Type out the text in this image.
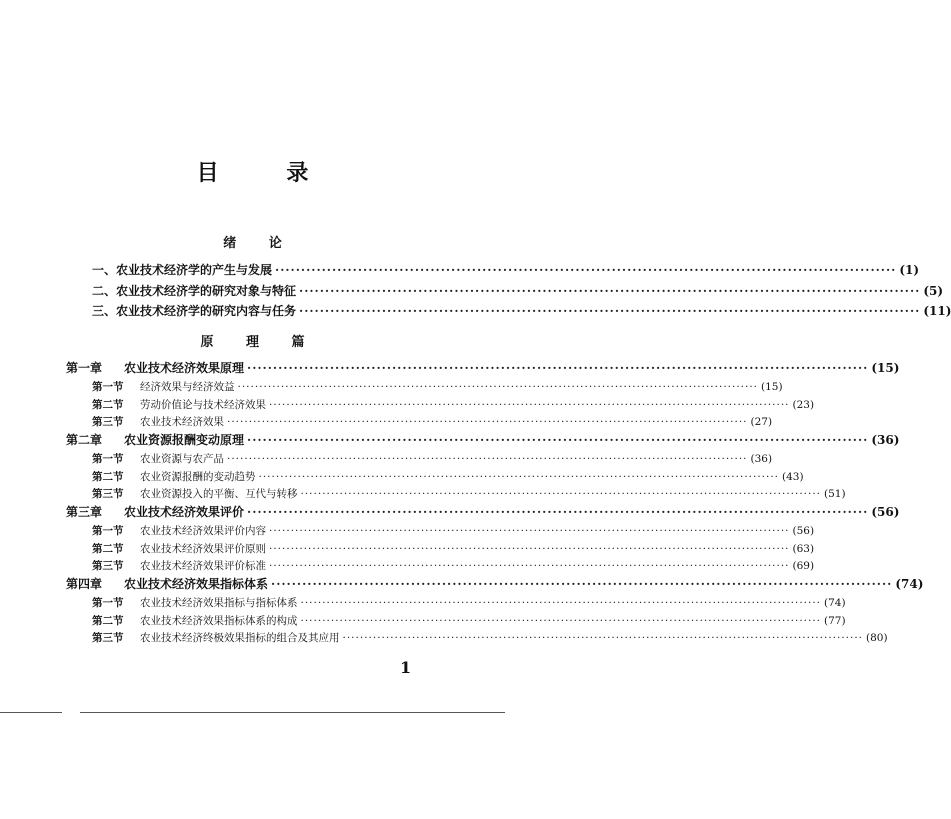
目 录
绪 论
一、农业技术经济学的产生与发展 ························································································································ (1)
二、农业技术经济学的研究对象与特征 ························································································································ (5)
三、农业技术经济学的研究内容与任务 ························································································································ (11)
原 理 篇
第一章	农业技术经济效果原理 ························································································································ (15)
第一节	经济效果与经济效益 ························································································································ (15)
第二节	劳动价值论与技术经济效果 ························································································································ (23)
第三节	农业技术经济效果 ························································································································ (27)
第二章	农业资源报酬变动原理 ························································································································ (36)
第一节	农业资源与农产品 ························································································································ (36)
第二节	农业资源报酬的变动趋势 ························································································································ (43)
第三节	农业资源投入的平衡、互代与转移 ························································································································ (51)
第三章	农业技术经济效果评价 ························································································································ (56)
第一节	农业技术经济效果评价内容 ························································································································ (56)
第二节	农业技术经济效果评价原则 ························································································································ (63)
第三节	农业技术经济效果评价标准 ························································································································ (69)
第四章	农业技术经济效果指标体系 ························································································································ (74)
第一节	农业技术经济效果指标与指标体系 ························································································································ (74)
第二节	农业技术经济效果指标体系的构成 ························································································································ (77)
第三节	农业技术经济终极效果指标的组合及其应用 ························································································································ (80)
1
